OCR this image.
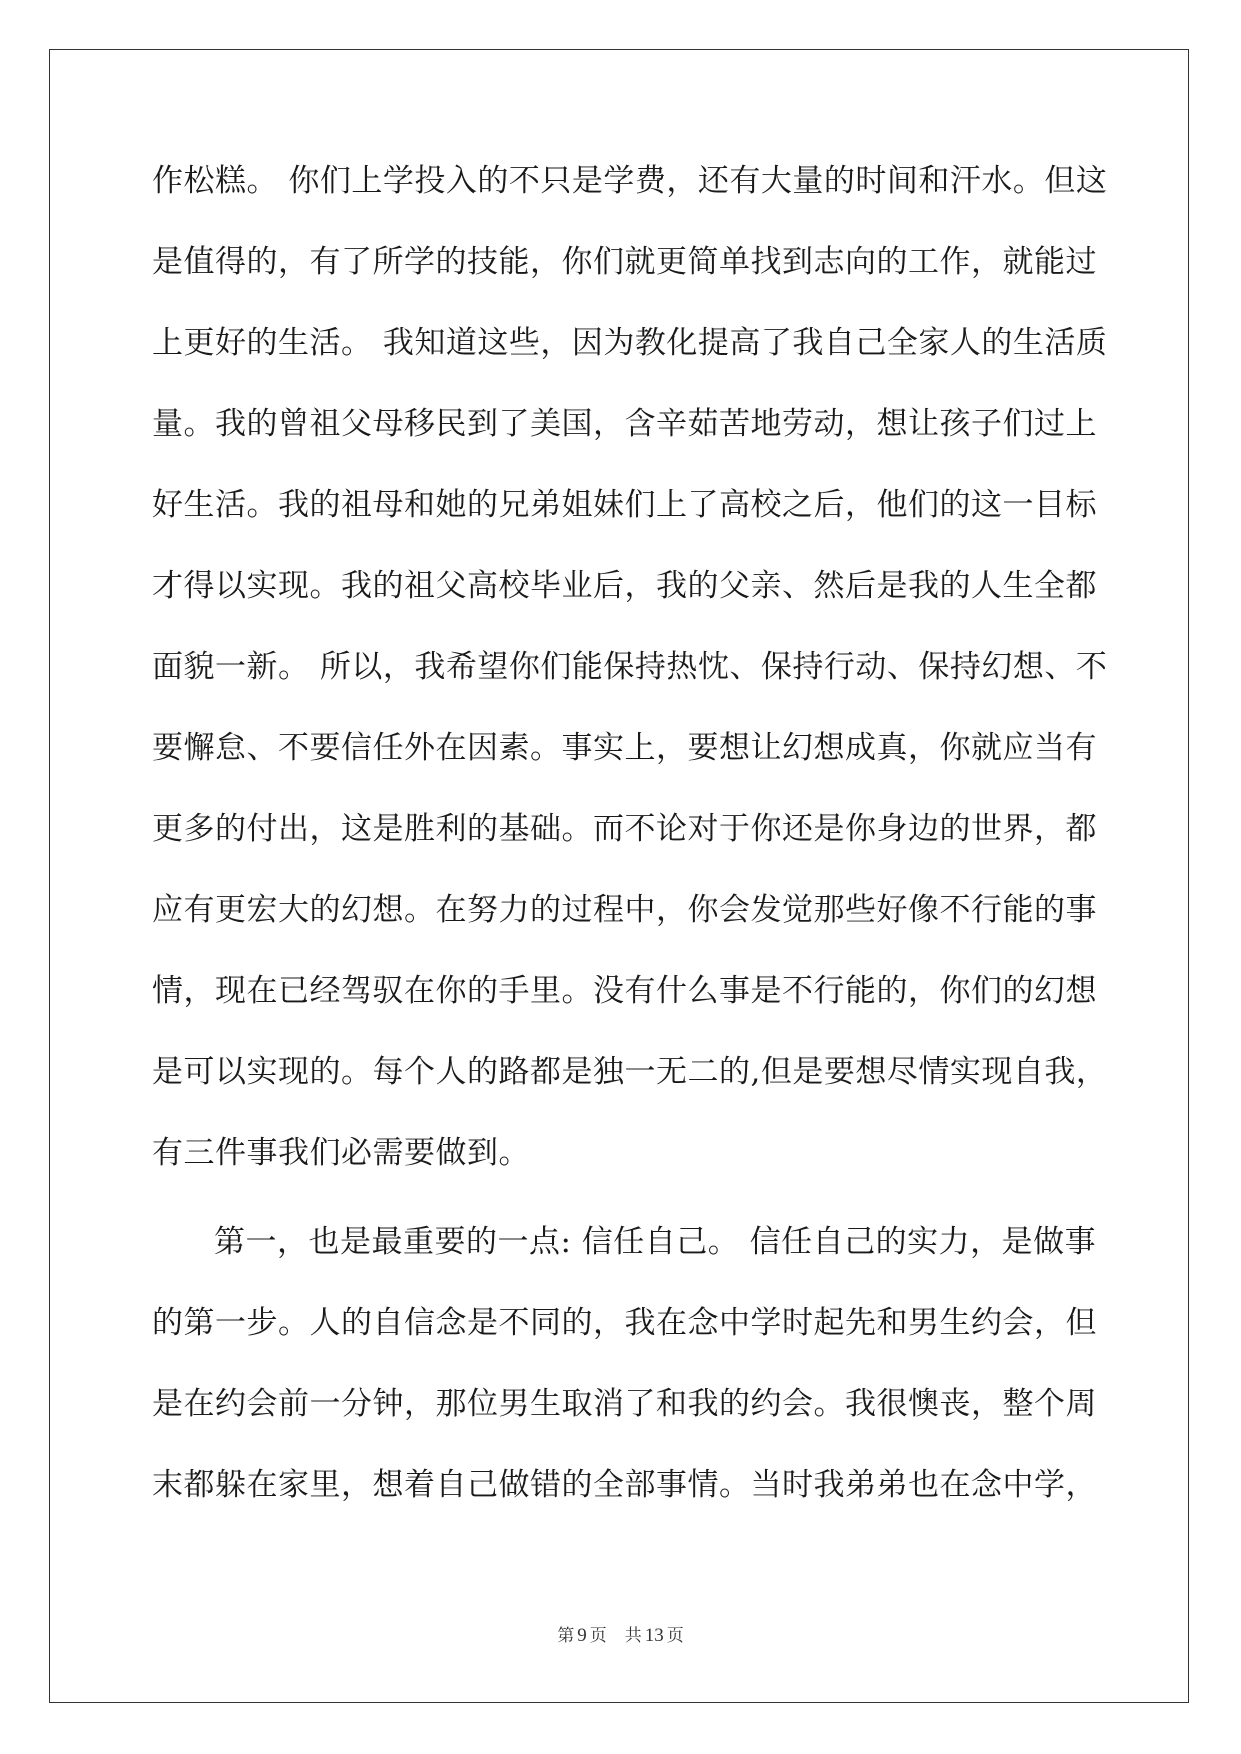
作松糕。 你们上学投入的不只是学费，还有大量的时间和汗水。但这
是值得的，有了所学的技能，你们就更简单找到志向的工作，就能过
上更好的生活。 我知道这些，因为教化提高了我自己全家人的生活质
量。我的曾祖父母移民到了美国，含辛茹苦地劳动，想让孩子们过上
好生活。我的祖母和她的兄弟姐妹们上了高校之后，他们的这一目标
才得以实现。我的祖父高校毕业后，我的父亲、然后是我的人生全都
面貌一新。 所以，我希望你们能保持热忱、保持行动、保持幻想、不
要懈怠、不要信任外在因素。事实上，要想让幻想成真，你就应当有
更多的付出，这是胜利的基础。而不论对于你还是你身边的世界，都
应有更宏大的幻想。在努力的过程中，你会发觉那些好像不行能的事
情，现在已经驾驭在你的手里。没有什么事是不行能的，你们的幻想
是可以实现的。每个人的路都是独一无二的,但是要想尽情实现自我，
有三件事我们必需要做到。
第一，也是最重要的一点: 信任自己。 信任自己的实力，是做事
的第一步。人的自信念是不同的，我在念中学时起先和男生约会，但
是在约会前一分钟，那位男生取消了和我的约会。我很懊丧，整个周
末都躲在家里，想着自己做错的全部事情。当时我弟弟也在念中学，
第 9 页 共 13 页
